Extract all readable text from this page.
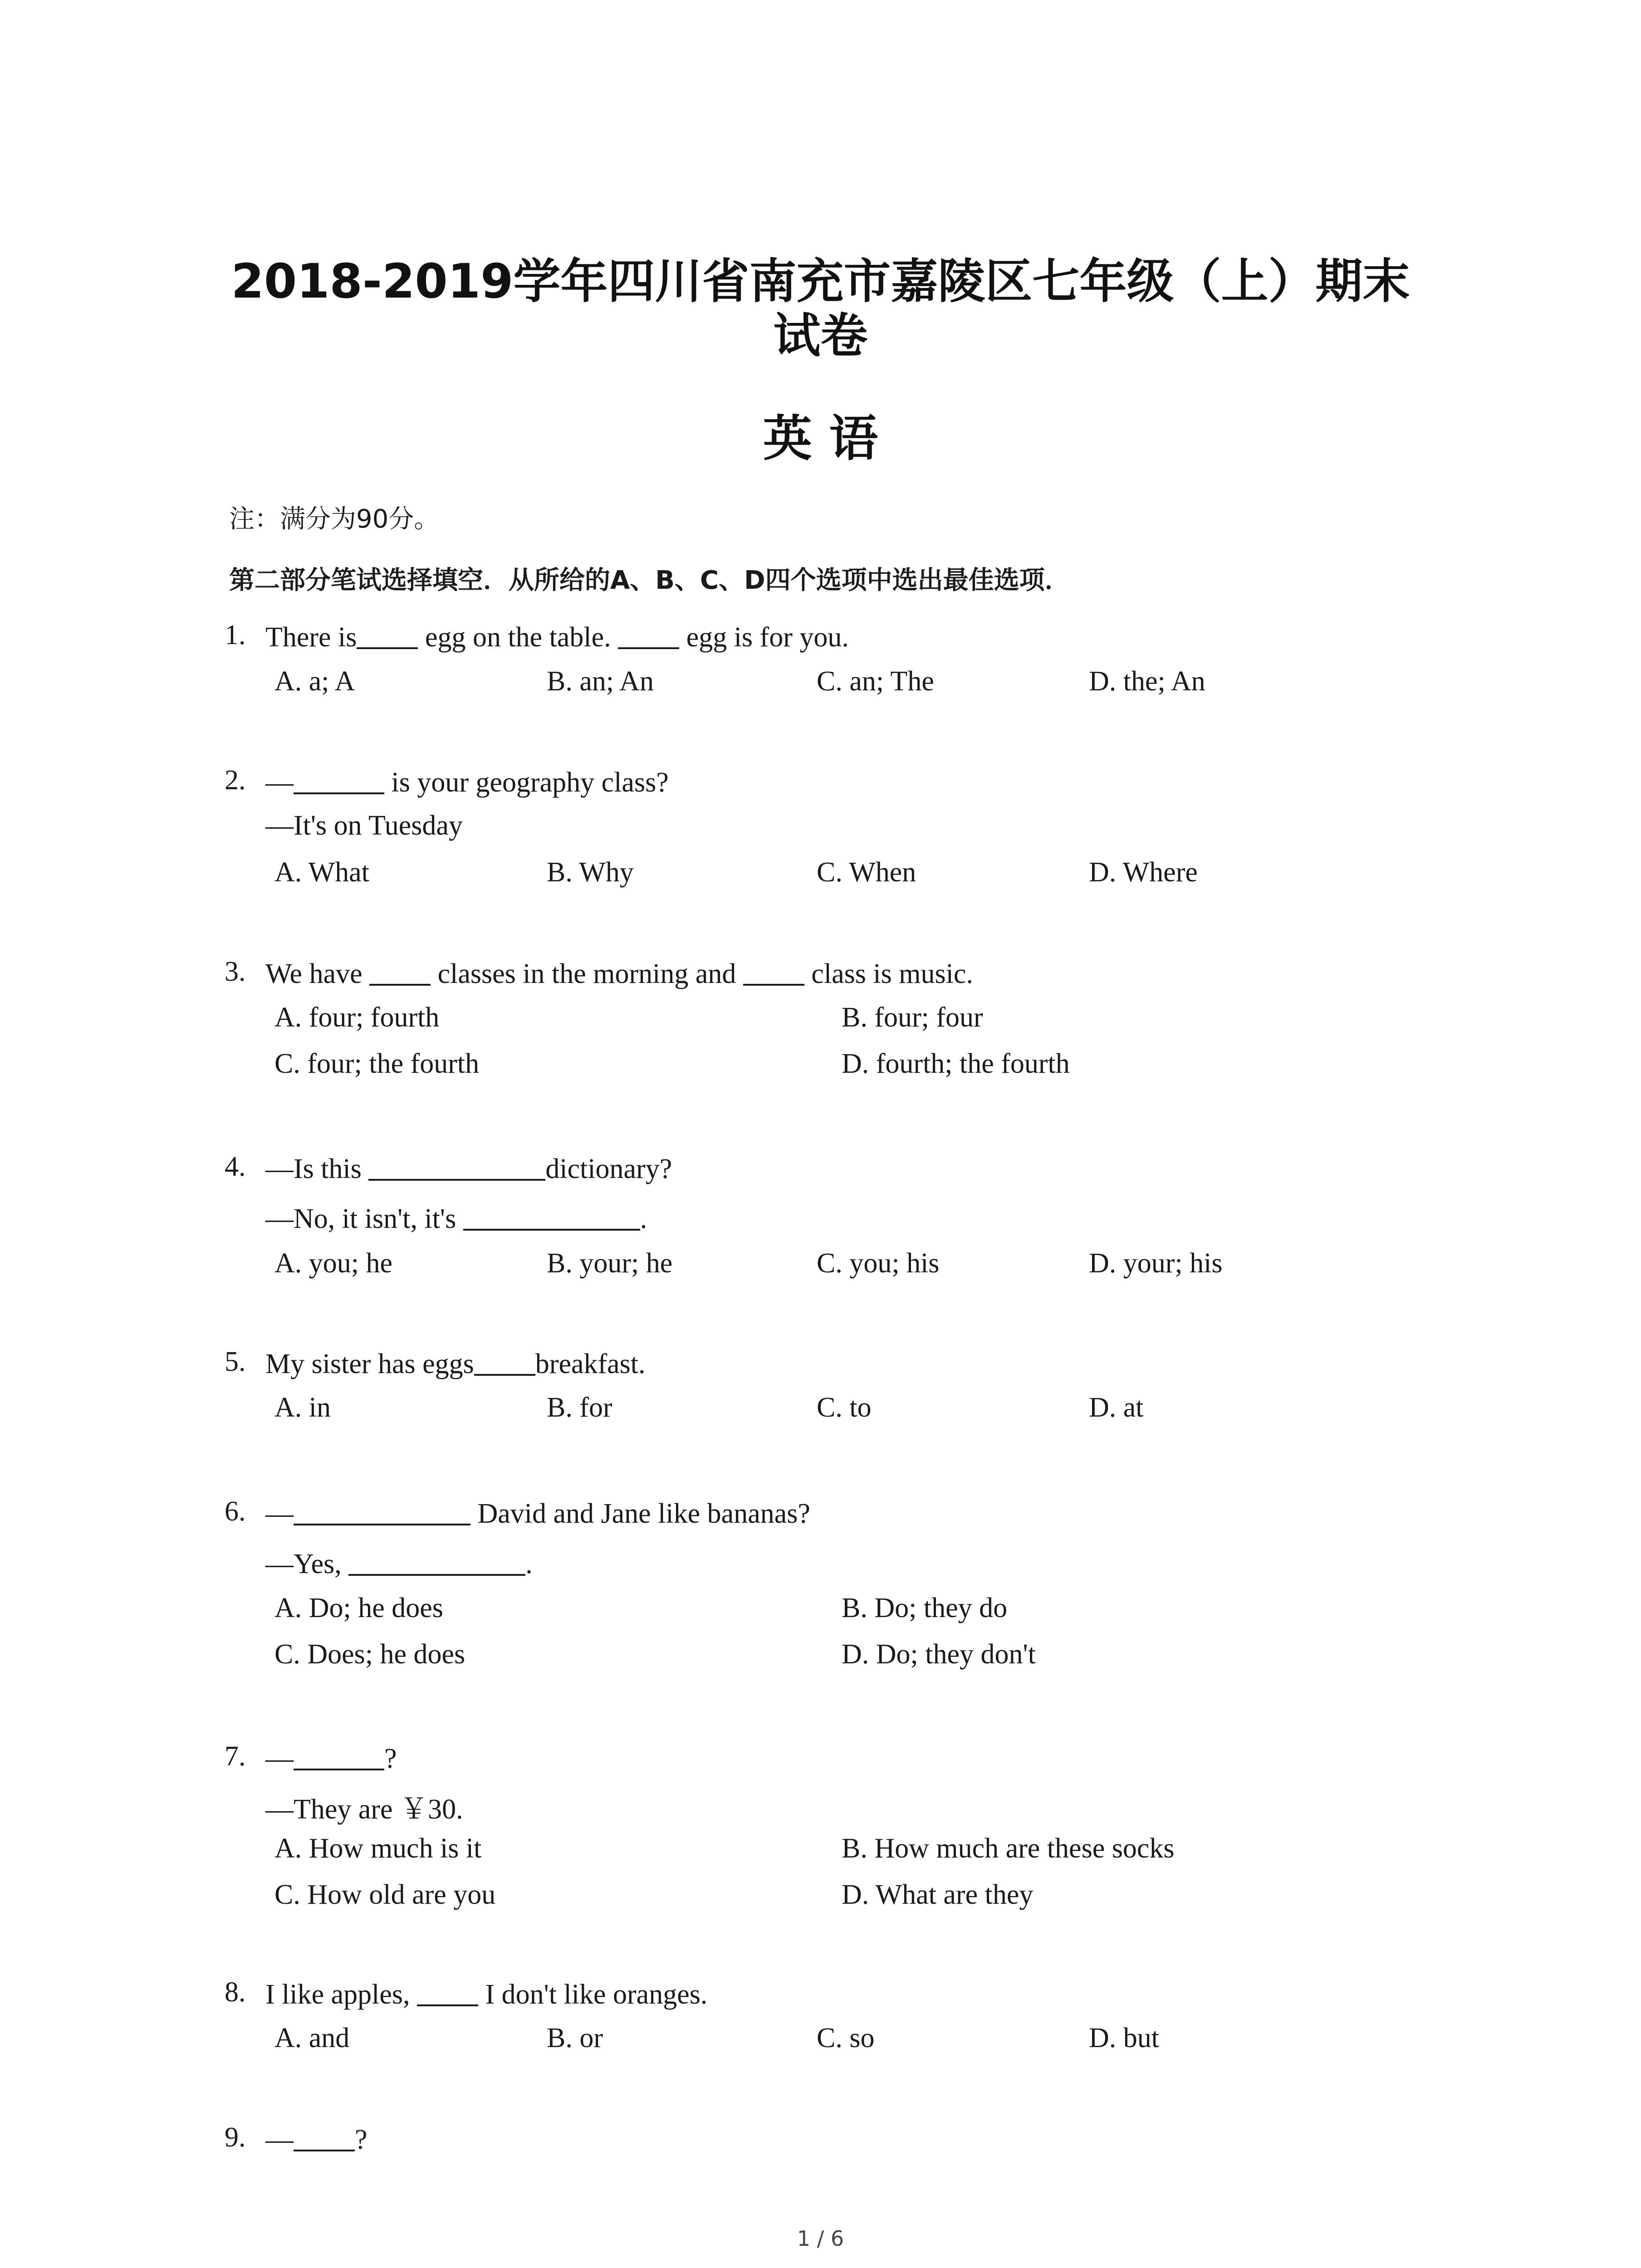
2018-2019学年四川省南充市嘉陵区七年级（上）期末
试卷
英 语
注：满分为90分。
第二部分笔试选择填空．从所给的A、B、C、D四个选项中选出最佳选项．
1. There is egg on the table.  egg is for you.
A. a; A	B. an; An	C. an; The	D. the; An
2. —	is your geography class?
—It's on Tuesday
A. What	B. Why	C. When	D. Where
3. We have  classes in the morning and  class is music.
A. four; fourth	B. four; four
C. four; the fourth	D. fourth; the fourth
4. —Is this	dictionary?
—No, it isn't, it's	.
A. you; he	B. your; he	C. you; his	D. your; his
5. My sister has eggs breakfast.
A. in	B. for	C. to	D. at
6. —	David and Jane like bananas?
—Yes,	.
A. Do; he does	B. Do; they do
C. Does; he does	D. Do; they don't
7. —	?
—They are ￥30.
A. How much is it	B. How much are these socks
C. How old are you	D. What are they
8. I like apples,  I don't like oranges.
A. and	B. or	C. so	D. but
9. — ?
1 / 6
